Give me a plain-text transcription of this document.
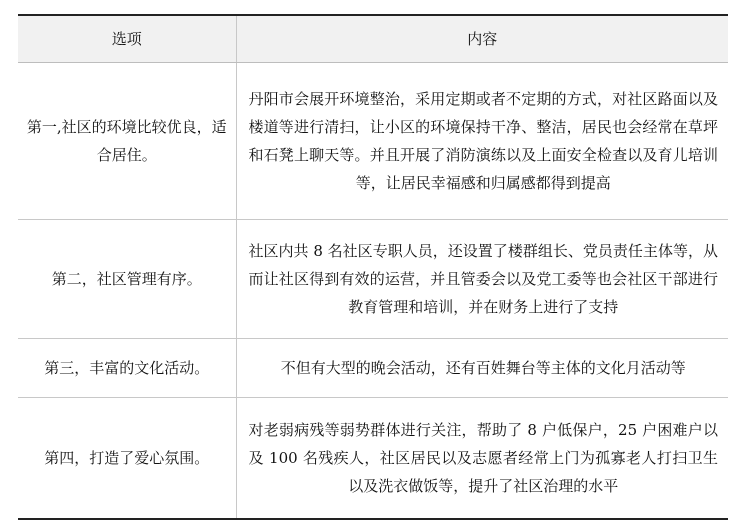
选项	内容
第一,社区的环境比较优良，适合居住。	丹阳市会展开环境整治，采用定期或者不定期的方式，对社区路面以及楼道等进行清扫，让小区的环境保持干净、整洁，居民也会经常在草坪和石凳上聊天等。并且开展了消防演练以及上面安全检查以及育儿培训等，让居民幸福感和归属感都得到提高
第二，社区管理有序。	社区内共 8 名社区专职人员，还设置了楼群组长、党员责任主体等，从而让社区得到有效的运营，并且管委会以及党工委等也会社区干部进行教育管理和培训，并在财务上进行了支持
第三，丰富的文化活动。	不但有大型的晚会活动，还有百姓舞台等主体的文化月活动等
第四，打造了爱心氛围。	对老弱病残等弱势群体进行关注，帮助了 8 户低保户，25 户困难户以及 100 名残疾人，社区居民以及志愿者经常上门为孤寡老人打扫卫生以及洗衣做饭等，提升了社区治理的水平
